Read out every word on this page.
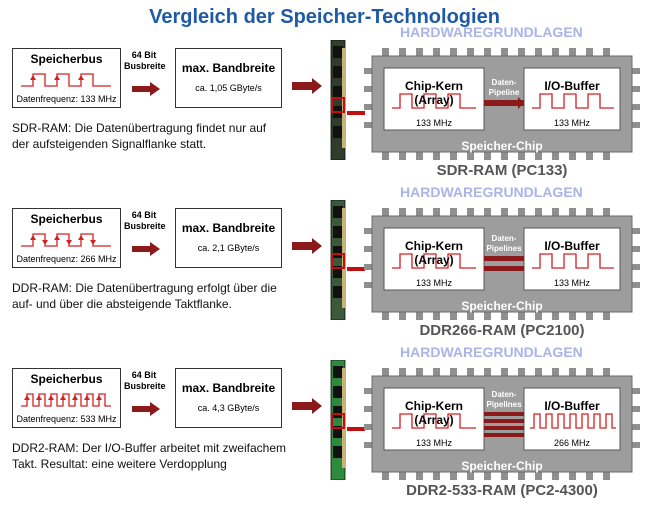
Vergleich der Speicher-Technologien
Speicherbus
Datenfrequenz: 133 MHz
64 Bit
Busbreite	max. Bandbreite
ca. 1,05 GByte/s
SDR-RAM: Die Datenübertragung findet nur auf der aufsteigenden Signalflanke statt.
HARDWAREGRUNDLAGEN
Chip-Kern (Array)
133 MHz
Daten-
Pipeline	I/O-Buffer
133 MHz
Speicher-Chip
SDR-RAM (PC133)
Speicherbus
Datenfrequenz: 266 MHz
64 Bit
Busbreite	max. Bandbreite
ca. 2,1 GByte/s
DDR-RAM: Die Datenübertragung erfolgt über die auf- und über die absteigende Taktflanke.
HARDWAREGRUNDLAGEN
Chip-Kern (Array)
133 MHz
Daten-
Pipelines	I/O-Buffer
133 MHz
Speicher-Chip
DDR266-RAM (PC2100)
Speicherbus
Datenfrequenz: 533 MHz
64 Bit
Busbreite	max. Bandbreite
ca. 4,3 GByte/s
DDR2-RAM: Der I/O-Buffer arbeitet mit zweifachem Takt. Resultat: eine weitere Verdopplung
HARDWAREGRUNDLAGEN
Chip-Kern (Array)
133 MHz
Daten-
Pipelines	I/O-Buffer
266 MHz
Speicher-Chip
DDR2-533-RAM (PC2-4300)
